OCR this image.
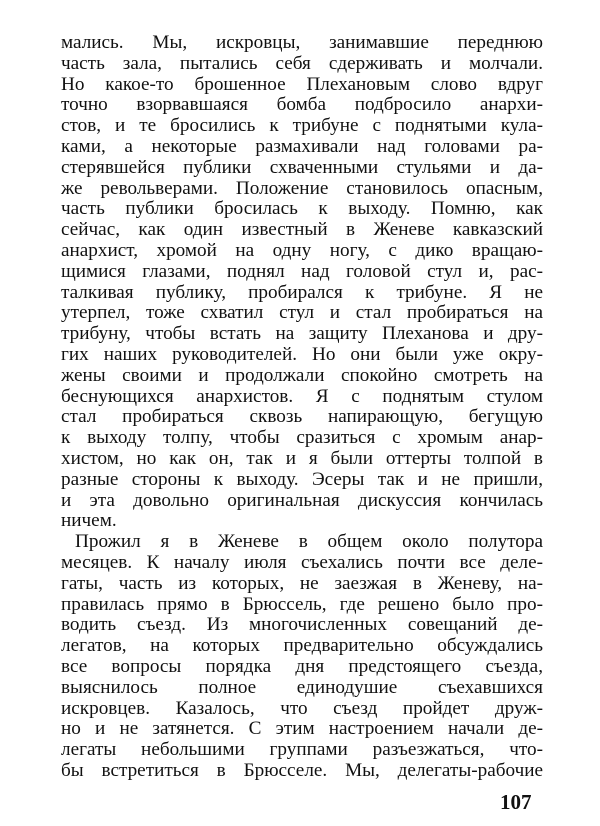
мались. Мы, искровцы, занимавшие переднюю
часть зала, пытались себя сдерживать и молчали.
Но какое-то брошенное Плехановым слово вдруг
точно взорвавшаяся бомба подбросило анархи-
стов, и те бросились к трибуне с поднятыми кула-
ками, а некоторые размахивали над головами ра-
стерявшейся публики схваченными стульями и да-
же револьверами. Положение становилось опасным,
часть публики бросилась к выходу. Помню, как
сейчас, как один известный в Женеве кавказский
анархист, хромой на одну ногу, с дико вращаю-
щимися глазами, поднял над головой стул и, рас-
талкивая публику, пробирался к трибуне. Я не
утерпел, тоже схватил стул и стал пробираться на
трибуну, чтобы встать на защиту Плеханова и дру-
гих наших руководителей. Но они были уже окру-
жены своими и продолжали спокойно смотреть на
беснующихся анархистов. Я с поднятым стулом
стал пробираться сквозь напирающую, бегущую
к выходу толпу, чтобы сразиться с хромым анар-
хистом, но как он, так и я были оттерты толпой в
разные стороны к выходу. Эсеры так и не пришли,
и эта довольно оригинальная дискуссия кончилась
ничем.
Прожил я в Женеве в общем около полутора
месяцев. К началу июля съехались почти все деле-
гаты, часть из которых, не заезжая в Женеву, на-
правилась прямо в Брюссель, где решено было про-
водить съезд. Из многочисленных совещаний де-
легатов, на которых предварительно обсуждались
все вопросы порядка дня предстоящего съезда,
выяснилось полное единодушие съехавшихся
искровцев. Казалось, что съезд пройдет друж-
но и не затянется. С этим настроением начали де-
легаты небольшими группами разъезжаться, что-
бы встретиться в Брюсселе. Мы, делегаты-рабочие
107
